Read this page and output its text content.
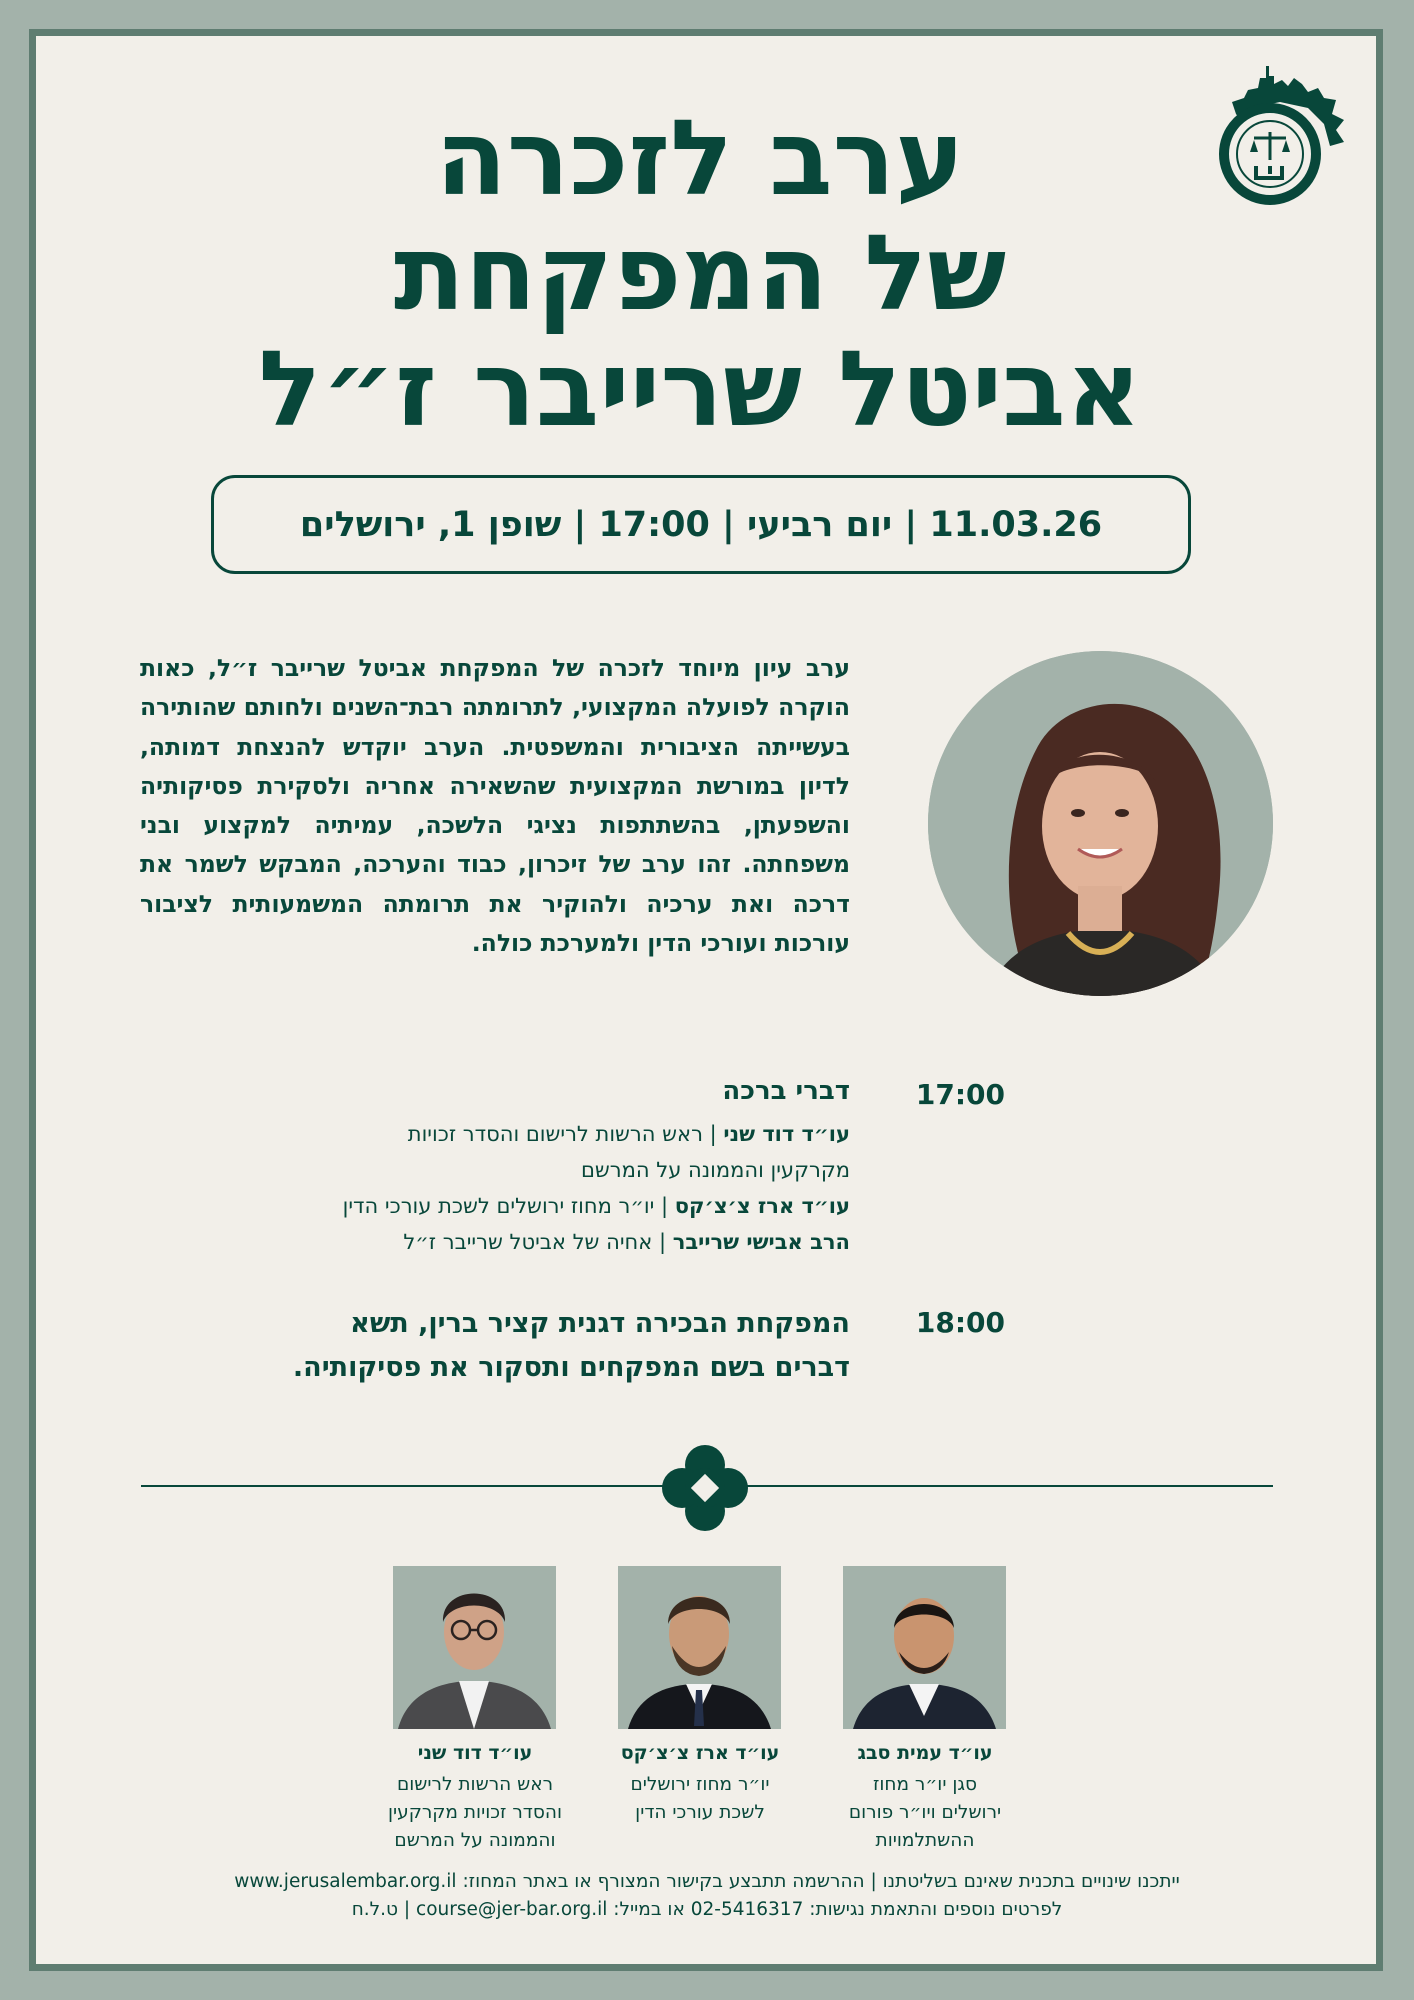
ערב לזכרה
של המפקחת
אביטל שרייבר ז״ל
11.03.26 | יום רביעי | 17:00 | שופן 1, ירושלים

ערב עיון מיוחד לזכרה של המפקחת אביטל שרייבר ז״ל, כאות הוקרה לפועלה המקצועי, לתרומתה רבת־השנים ולחותם שהותירה בעשייתה הציבורית והמשפטית. הערב יוקדש להנצחת דמותה, לדיון במורשת המקצועית שהשאירה אחריה ולסקירת פסיקותיה והשפעתן, בהשתתפות נציגי הלשכה, עמיתיה למקצוע ובני משפחתה. זהו ערב של זיכרון, כבוד והערכה, המבקש לשמר את דרכה ואת ערכיה ולהוקיר את תרומתה המשמעותית לציבור עורכות ועורכי הדין ולמערכת כולה.

17:00
דברי ברכה
עו״ד דוד שני | ראש הרשות לרישום והסדר זכויות
מקרקעין והממונה על המרשם
עו״ד ארז צ׳צ׳קס | יו״ר מחוז ירושלים לשכת עורכי הדין
הרב אבישי שרייבר | אחיה של אביטל שרייבר ז״ל
18:00
המפקחת הבכירה דגנית קציר ברין, תשא
דברים בשם המפקחים ותסקור את פסיקותיה.
עו״ד עמית סבג
סגן יו״ר מחוז
ירושלים ויו״ר פורום
ההשתלמויות
עו״ד ארז צ׳צ׳קס
יו״ר מחוז ירושלים
לשכת עורכי הדין
עו״ד דוד שני
ראש הרשות לרישום
והסדר זכויות מקרקעין
והממונה על המרשם
ייתכנו שינויים בתכנית שאינם בשליטתנו | ההרשמה תתבצע בקישור המצורף או באתר המחוז: www.jerusalembar.org.il
לפרטים נוספים והתאמת נגישות: 02-5416317 או במייל: course@jer-bar.org.il | ט.ל.ח
